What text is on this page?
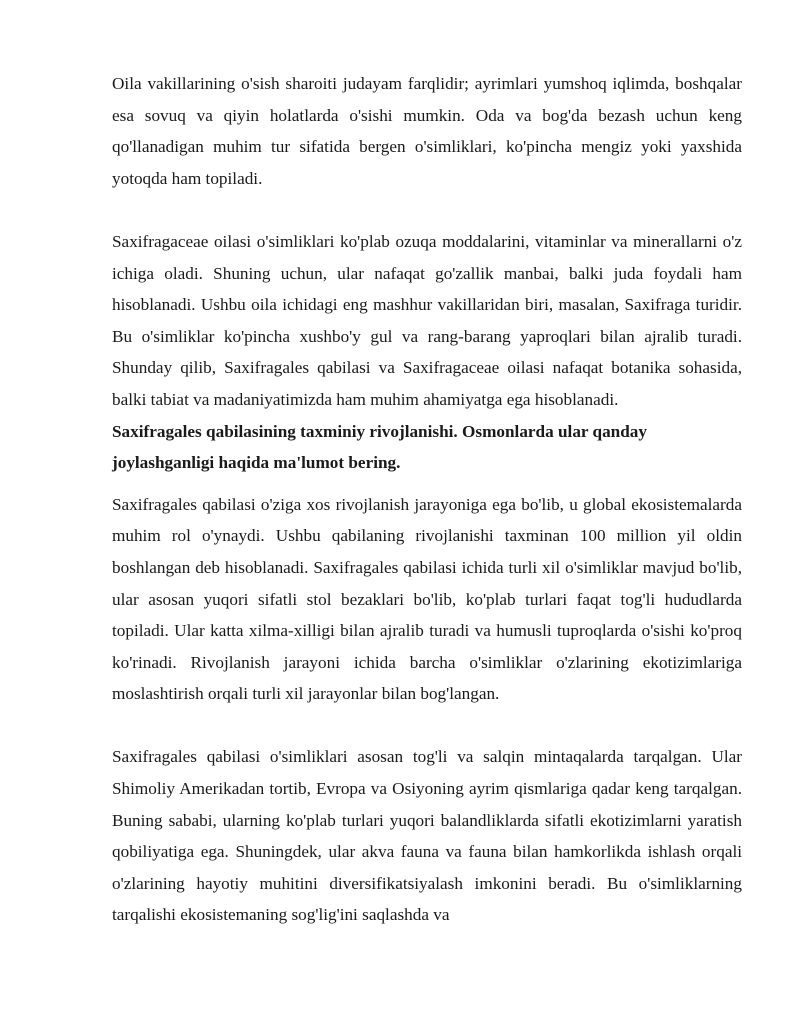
Oila vakillarining o'sish sharoiti judayam farqlidir; ayrimlari yumshoq iqlimda, boshqalar esa sovuq va qiyin holatlarda o'sishi mumkin. Oda va bog'da bezash uchun keng qo'llanadigan muhim tur sifatida bergen o'simliklari, ko'pincha mengiz yoki yaxshida yotoqda ham topiladi.

Saxifragaceae oilasi o'simliklari ko'plab ozuqa moddalarini, vitaminlar va minerallarni o'z ichiga oladi. Shuning uchun, ular nafaqat go'zallik manbai, balki juda foydali ham hisoblanadi. Ushbu oila ichidagi eng mashhur vakillaridan biri, masalan, Saxifraga turidir. Bu o'simliklar ko'pincha xushbo'y gul va rang-barang yaproqlari bilan ajralib turadi. Shunday qilib, Saxifragales qabilasi va Saxifragaceae oilasi nafaqat botanika sohasida, balki tabiat va madaniyatimizda ham muhim ahamiyatga ega hisoblanadi.

Saxifragales qabilasining taxminiy rivojlanishi. Osmonlarda ular qanday joylashganligi haqida ma'lumot bering.

Saxifragales qabilasi o'ziga xos rivojlanish jarayoniga ega bo'lib, u global ekosistemalarda muhim rol o'ynaydi. Ushbu qabilaning rivojlanishi taxminan 100 million yil oldin boshlangan deb hisoblanadi. Saxifragales qabilasi ichida turli xil o'simliklar mavjud bo'lib, ular asosan yuqori sifatli stol bezaklari bo'lib, ko'plab turlari faqat tog'li hududlarda topiladi. Ular katta xilma-xilligi bilan ajralib turadi va humusli tuproqlarda o'sishi ko'proq ko'rinadi. Rivojlanish jarayoni ichida barcha o'simliklar o'zlarining ekotizimlariga moslashtirish orqali turli xil jarayonlar bilan bog'langan.

Saxifragales qabilasi o'simliklari asosan tog'li va salqin mintaqalarda tarqalgan. Ular Shimoliy Amerikadan tortib, Evropa va Osiyoning ayrim qismlariga qadar keng tarqalgan. Buning sababi, ularning ko'plab turlari yuqori balandliklarda sifatli ekotizimlarni yaratish qobiliyatiga ega. Shuningdek, ular akva fauna va fauna bilan hamkorlikda ishlash orqali o'zlarining hayotiy muhitini diversifikatsiyalash imkonini beradi. Bu o'simliklarning tarqalishi ekosistemaning sog'lig'ini saqlashda va
